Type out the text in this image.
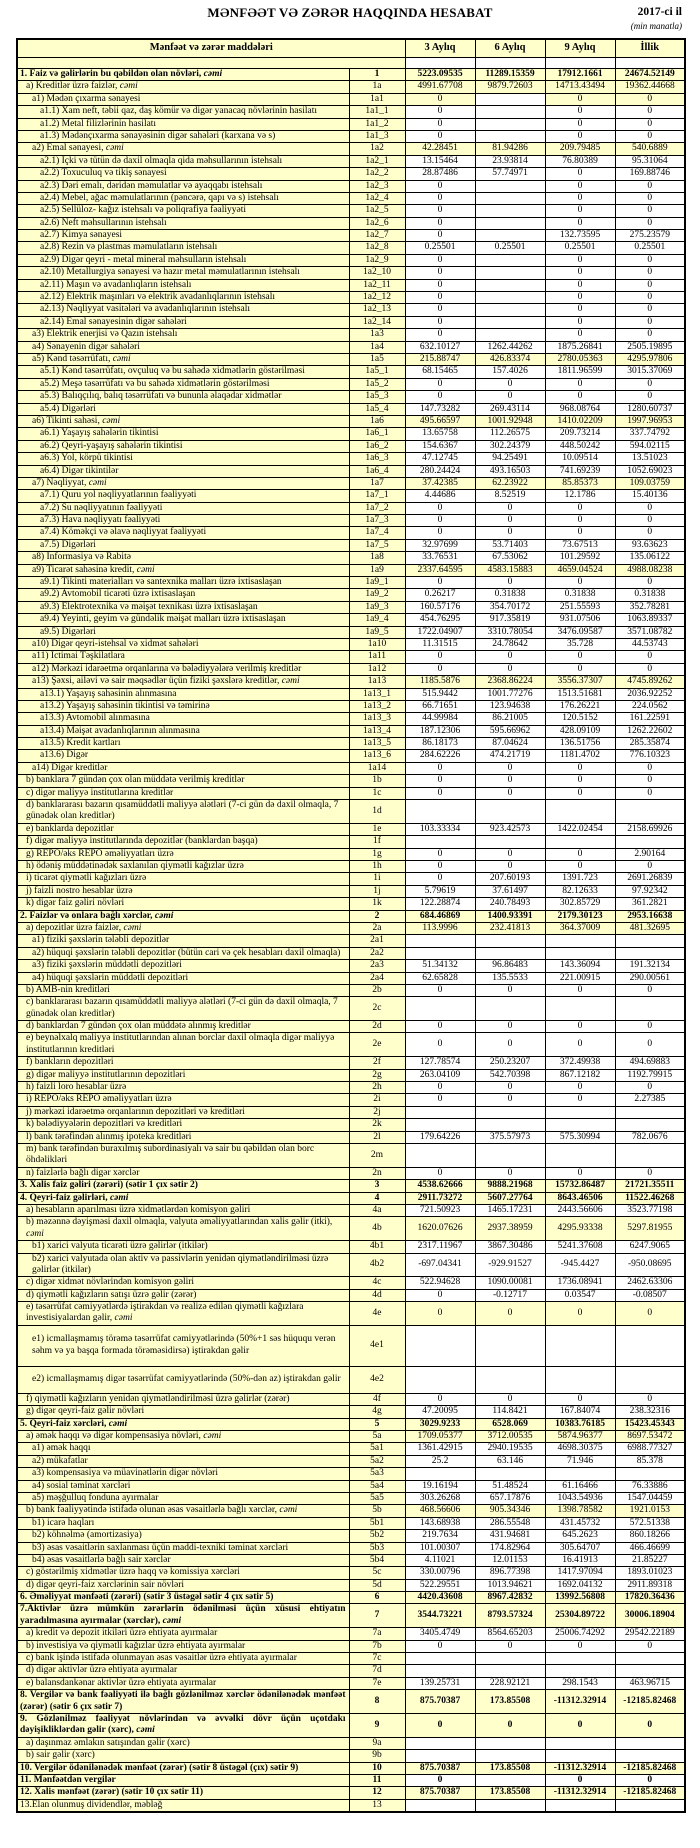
MƏNFƏƏT VƏ ZƏRƏR HAQQINDA HESABAT	2017-ci il
(min manatla)
Mənfəət və zərər maddələri		3 Aylıq	6 Aylıq	9 Aylıq	İllik

1. Faiz və gəlirlərin bu qəbildən olan növləri, cəmi	1	5223.09535	11289.15359	17912.1661	24674.52149
a) Kreditlər üzrə faizlər, cəmi	1a	4991.67708	9879.72603	14713.43494	19362.44668
a1) Mədən çıxarma sənayesi	1a1	0		0	0
a1.1) Xam neft, təbii qaz, daş kömür və digər yanacaq növlərinin hasilatı	1a1_1	0		0	0
a1.2) Metal filizlərinin hasilatı	1a1_2	0		0	0
a1.3) Mədənçıxarma sənayəsinin digər sahələri (karxana və s)	1a1_3	0		0	0
a2) Emal sənayesi, cəmi	1a2	42.28451	81.94286	209.79485	540.6889
a2.1) İçki və tütün də daxil olmaqla qida məhsullarının istehsalı	1a2_1	13.15464	23.93814	76.80389	95.31064
a2.2) Toxuculuq və tikiş sənayesi	1a2_2	28.87486	57.74971	0	169.88746
a2.3) Dəri emalı, dəridən məmulatlar və ayaqqabı istehsalı	1a2_3	0		0	0
a2.4) Mebel, ağac məmulatlarının (pəncərə, qapı və s) istehsalı	1a2_4	0		0	0
a2.5) Sellüloz- kağız istehsalı və poliqrafiya fəaliyyəti	1a2_5	0		0	0
a2.6) Neft məhsullarının istehsalı	1a2_6	0		0	0
a2.7) Kimya sənayesi	1a2_7	0		132.73595	275.23579
a2.8) Rezin və plastmas məmulatların istehsalı	1a2_8	0.25501	0.25501	0.25501	0.25501
a2.9) Digər qeyri - metal mineral məhsulların istehsalı	1a2_9	0		0	0
a2.10) Metallurgiya sənayesi və hazır metal məmulatlarının istehsalı	1a2_10	0		0	0
a2.11) Maşın və avadanlıqların istehsalı	1a2_11	0		0	0
a2.12) Elektrik maşınları və elektrik avadanlıqlarının istehsalı	1a2_12	0		0	0
a2.13) Nəqliyyat vasitələri və avadanlıqlarının istehsalı	1a2_13	0		0	0
a2.14) Emal sənayesinin digər sahələri	1a2_14	0		0	0
a3) Elektrik enerjisi və Qazın istehsalı	1a3	0		0	0
a4) Sənayenin digər sahələri	1a4	632.10127	1262.44262	1875.26841	2505.19895
a5) Kənd təsərrüfatı, cəmi	1a5	215.88747	426.83374	2780.05363	4295.97806
a5.1) Kənd təsərrüfatı, ovçuluq və bu sahədə xidmətlərin göstərilməsi	1a5_1	68.15465	157.4026	1811.96599	3015.37069
a5.2) Meşə təsərrüfatı və bu sahədə xidmətlərin göstərilməsi	1a5_2	0	0	0	0
a5.3) Balıqçılıq, balıq təsərrüfatı və bununla əlaqədar xidmətlər	1a5_3	0	0	0	0
a5.4) Digərləri	1a5_4	147.73282	269.43114	968.08764	1280.60737
a6) Tikinti sahəsi, cəmi	1a6	495.66597	1001.92948	1410.02209	1997.96953
a6.1) Yaşayış sahələrin tikintisi	1a6_1	13.65758	112.26575	209.73214	337.74792
a6.2) Qeyri-yaşayış sahələrin tikintisi	1a6_2	154.6367	302.24379	448.50242	594.02115
a6.3) Yol, körpü tikintisi	1a6_3	47.12745	94.25491	10.09514	13.51023
a6.4) Digər tikintilər	1a6_4	280.24424	493.16503	741.69239	1052.69023
a7) Nəqliyyat, cəmi	1a7	37.42385	62.23922	85.85373	109.03759
a7.1) Quru yol nəqliyyatlarının fəaliyyəti	1a7_1	4.44686	8.52519	12.1786	15.40136
a7.2) Su nəqliyyatının fəaliyyəti	1a7_2	0	0	0	0
a7.3) Hava nəqliyyatı fəaliyyəti	1a7_3	0	0	0	0
a7.4) Köməkçi və əlavə nəqliyyat fəaliyyəti	1a7_4	0	0	0	0
a7.5) Digərləri	1a7_5	32.97699	53.71403	73.67513	93.63623
a8) İnformasiya və Rabitə	1a8	33.76531	67.53062	101.29592	135.06122
a9) Ticarət sahəsinə kredit, cəmi	1a9	2337.64595	4583.15883	4659.04524	4988.08238
a9.1) Tikinti materialları və santexnika malları üzrə ixtisaslaşan	1a9_1	0	0	0	0
a9.2) Avtomobil ticarəti üzrə ixtisaslaşan	1a9_2	0.26217	0.31838	0.31838	0.31838
a9.3) Elektrotexnika və məişət texnikası üzrə ixtisaslaşan	1a9_3	160.57176	354.70172	251.55593	352.78281
a9.4) Yeyinti, geyim və gündəlik məişət malları üzrə ixtisaslaşan	1a9_4	454.76295	917.35819	931.07506	1063.89337
a9.5) Digərləri	1a9_5	1722.04907	3310.78054	3476.09587	3571.08782
a10) Digər qeyri-istehsal və xidmət sahələri	1a10	11.31515	24.78642	35.728	44.53743
a11) İctimai Təşkilatlara	1a11	0	0	0	0
a12) Mərkəzi idarəetmə orqanlarına və bələdiyyələrə verilmiş kreditlər	1a12	0	0	0	0
a13) Şəxsi, ailəvi və sair məqsədlər üçün fiziki şəxslərə kreditlər, cəmi	1a13	1185.5876	2368.86224	3556.37307	4745.89262
a13.1) Yaşayış sahəsinin alınmasına	1a13_1	515.9442	1001.77276	1513.51681	2036.92252
a13.2) Yaşayış sahəsinin tikintisi və təmirinə	1a13_2	66.71651	123.94638	176.26221	224.0562
a13.3) Avtomobil alınmasına	1a13_3	44.99984	86.21005	120.5152	161.22591
a13.4) Məişət avadanlıqlarının alınmasına	1a13_4	187.12306	595.66962	428.09109	1262.22602
a13.5) Kredit kartları	1a13_5	86.18173	87.04624	136.51756	285.35874
a13.6) Digər	1a13_6	284.62226	474.21719	1181.4702	776.10323
a14) Digər kreditlər	1a14	0	0	0	0
b) banklara 7 gündən çox olan müddətə verilmiş kreditlər	1b	0	0	0	0
c) digər maliyyə institutlarına kreditlər	1c	0	0	0	0
d) banklararası bazarın qısamüddətli maliyyə alətləri (7-ci gün də daxil olmaqla, 7 günədək olan kreditlər)	1d				
e) banklarda depozitlər	1e	103.33334	923.42573	1422.02454	2158.69926
f) digər maliyyə institutlarında depozitlər (banklardan başqa)	1f				
g) REPO/əks REPO əməliyyatları üzrə	1g	0	0	0	2.90164
h) ödəniş müddətinədək saxlanılan qiymətli kağızlar üzrə	1h	0	0	0	0
i) ticarət qiymətli kağızları üzrə	1i	0	207.60193	1391.723	2691.26839
j) faizli nostro hesablar üzrə	1j	5.79619	37.61497	82.12633	97.92342
k) digər faiz gəliri növləri	1k	122.28874	240.78493	302.85729	361.2821
2. Faizlər və onlara bağlı xərclər, cəmi	2	684.46869	1400.93391	2179.30123	2953.16638
a) depozitlər üzrə faizlər, cəmi	2a	113.9996	232.41813	364.37009	481.32695
a1) fiziki şəxslərin tələbli depozitlər	2a1				
a2) hüquqi şəxslərin tələbli depozitlər (bütün cari və çek hesabları daxil olmaqla)	2a2				
a3) fiziki şəxslərin müddətli depozitləri	2a3	51.34132	96.86483	143.36094	191.32134
a4) hüquqi şəxslərin müddətli depozitləri	2a4	62.65828	135.5533	221.00915	290.00561
b) AMB-nin kreditləri	2b	0	0	0	0
c) banklararası bazarın qısamüddətli maliyyə alətləri (7-ci gün də daxil olmaqla, 7 günədək olan kreditlər)	2c				
d) banklardan 7 gündən çox olan müddətə alınmış kreditlər	2d	0	0	0	0
e) beynəlxalq maliyyə institutlarından alınan borclar daxil olmaqla digər maliyyə institutlarının kreditləri	2e	0	0	0	0
f) bankların depozitləri	2f	127.78574	250.23207	372.49938	494.69883
g) digər maliyyə institutlarının depozitləri	2g	263.04109	542.70398	867.12182	1192.79915
h) faizli loro hesablar üzrə	2h	0	0	0	0
i) REPO/əks REPO əməliyyatları üzrə	2i	0	0	0	2.27385
j) mərkəzi idarəetmə orqanlarının depozitləri və kreditləri	2j				
k) bələdiyyələrin depozitləri və kreditləri	2k				
l) bank tərəfindən alınmış ipoteka kreditləri	2l	179.64226	375.57973	575.30994	782.0676
m) bank tərəfindən buraxılmış subordinasiyalı və sair bu qəbildən olan borc öhdəlikləri	2m				
n) faizlərlə bağlı digər xərclər	2n	0	0	0	0
3. Xalis faiz gəliri (zərəri) (sətir 1 çıx sətir 2)	3	4538.62666	9888.21968	15732.86487	21721.35511
4. Qeyri-faiz gəlirləri, cəmi	4	2911.73272	5607.27764	8643.46506	11522.46268
a) hesabların aparılması üzrə xidmətlərdən komisyon gəliri	4a	721.50923	1465.17231	2443.56606	3523.77198
b) məzənnə dəyişməsi daxil olmaqla, valyuta əməliyyatlarından xalis gəlir (itki), cəmi	4b	1620.07626	2937.38959	4295.93338	5297.81955
b1) xarici valyuta ticarəti üzrə gəlirlər (itkilər)	4b1	2317.11967	3867.30486	5241.37608	6247.9065
b2) xarici valyutada olan aktiv və passivlərin yenidən qiymətləndirilməsi üzrə gəlirlər (itkilər)	4b2	-697.04341	-929.91527	-945.4427	-950.08695
c) digər xidmət növlərindən komisyon gəliri	4c	522.94628	1090.00081	1736.08941	2462.63306
d) qiymətli kağızların satışı üzrə gəlir (zərər)	4d	0	-0.12717	0.03547	-0.08507
e) təsərrüfat cəmiyyətlərdə iştirakdan və realizə edilən qiymətli kağızlara investisiyalardan gəlir, cəmi	4e	0	0	0	0
e1) icmallaşmamış törəmə təsərrüfat cəmiyyətlərində (50%+1 səs hüququ verən səhm və ya başqa formada törəməsidirsə) iştirakdan gəlir	4e1				
e2) icmallaşmamış digər təsərrüfat cəmiyyətlərində (50%-dən az) iştirakdan gəlir	4e2				
f) qiymətli kağızların yenidən qiymətləndirilməsi üzrə gəlirlər (zərər)	4f	0	0	0	0
g) digər qeyri-faiz gəlir növləri	4g	47.20095	114.8421	167.84074	238.32316
5. Qeyri-faiz xərcləri, cəmi	5	3029.9233	6528.069	10383.76185	15423.45343
a) əmək haqqı və digər kompensasiya növləri, cəmi	5a	1709.05377	3712.00535	5874.96377	8697.53472
a1) əmək haqqı	5a1	1361.42915	2940.19535	4698.30375	6988.77327
a2) mükafatlar	5a2	25.2	63.146	71.946	85.378
a3) kompensasiya və müavinətlərin digər növləri	5a3				
a4) sosial təminat xərcləri	5a4	19.16194	51.48524	61.16466	76.33886
a5) məşğulluq fonduna ayırmalar	5a5	303.26268	657.17876	1043.54936	1547.04459
b) bank fəaliyyətində istifadə olunan əsas vəsaitlərlə bağlı xərclər, cəmi	5b	468.56606	905.34346	1398.78582	1921.0153
b1) icarə haqları	5b1	143.68938	286.55548	431.45732	572.51338
b2) köhnəlmə (amortizasiya)	5b2	219.7634	431.94681	645.2623	860.18266
b3) əsas vəsaitlərin saxlanması üçün maddi-texniki təminat xərcləri	5b3	101.00307	174.82964	305.64707	466.46699
b4) əsas vəsaitlərlə bağlı sair xərclər	5b4	4.11021	12.01153	16.41913	21.85227
c) göstərilmiş xidmətlər üzrə haqq və komissiya xərcləri	5c	330.00796	896.77398	1417.97094	1893.01023
d) digər qeyri-faiz xərclərinin sair növləri	5d	522.29551	1013.94621	1692.04132	2911.89318
6. Əməliyyat mənfəəti (zərəri) (sətir 3 üstəgəl sətir 4 çıx sətir 5)	6	4420.43608	8967.42832	13992.56808	17820.36436
7.Aktivlər üzrə mümkün zərərlərin ödənilməsi üçün xüsusi ehtiyatın yaradılmasına ayırmalar (xərclər), cəmi	7	3544.73221	8793.57324	25304.89722	30006.18904
a) kredit və depozit itkiləri üzrə ehtiyata ayırmalar	7a	3405.4749	8564.65203	25006.74292	29542.22189
b) investisiya və qiymətli kağızlar üzrə ehtiyata ayırmalar	7b	0	0	0	0
c) bank işində istifadə olunmayan əsas vəsaitlər üzrə ehtiyata ayırmalar	7c				
d) digər aktivlər üzrə ehtiyata ayırmalar	7d				
e) balansdankənar aktivlər üzrə ehtiyata ayırmalar	7e	139.25731	228.92121	298.1543	463.96715
8. Vergilər və bank fəaliyyəti ilə bağlı gözlənilməz xərclər ödənilənədək mənfəət (zərər) (sətir 6 çıx sətir 7)	8	875.70387	173.85508	-11312.32914	-12185.82468
9. Gözlənilməz fəaliyyət növlərindən və əvvəlki dövr üçün uçotdakı dəyişikliklərdən gəlir (xərc), cəmi	9	0	0	0	0
a) daşınmaz əmlakın satışından gəlir (xərc)	9a				
b) sair gəlir (xərc)	9b				
10. Vergilər ödənilənədək mənfəət (zərər) (sətir 8 üstəgəl (çıx) sətir 9)	10	875.70387	173.85508	-11312.32914	-12185.82468
11. Mənfəətdən vergilər	11	0		0	0
12. Xalis mənfəət (zərər) (sətir 10 çıx sətir 11)	12	875.70387	173.85508	-11312.32914	-12185.82468
13.Elan olunmuş dividendlər, məbləğ	13				
